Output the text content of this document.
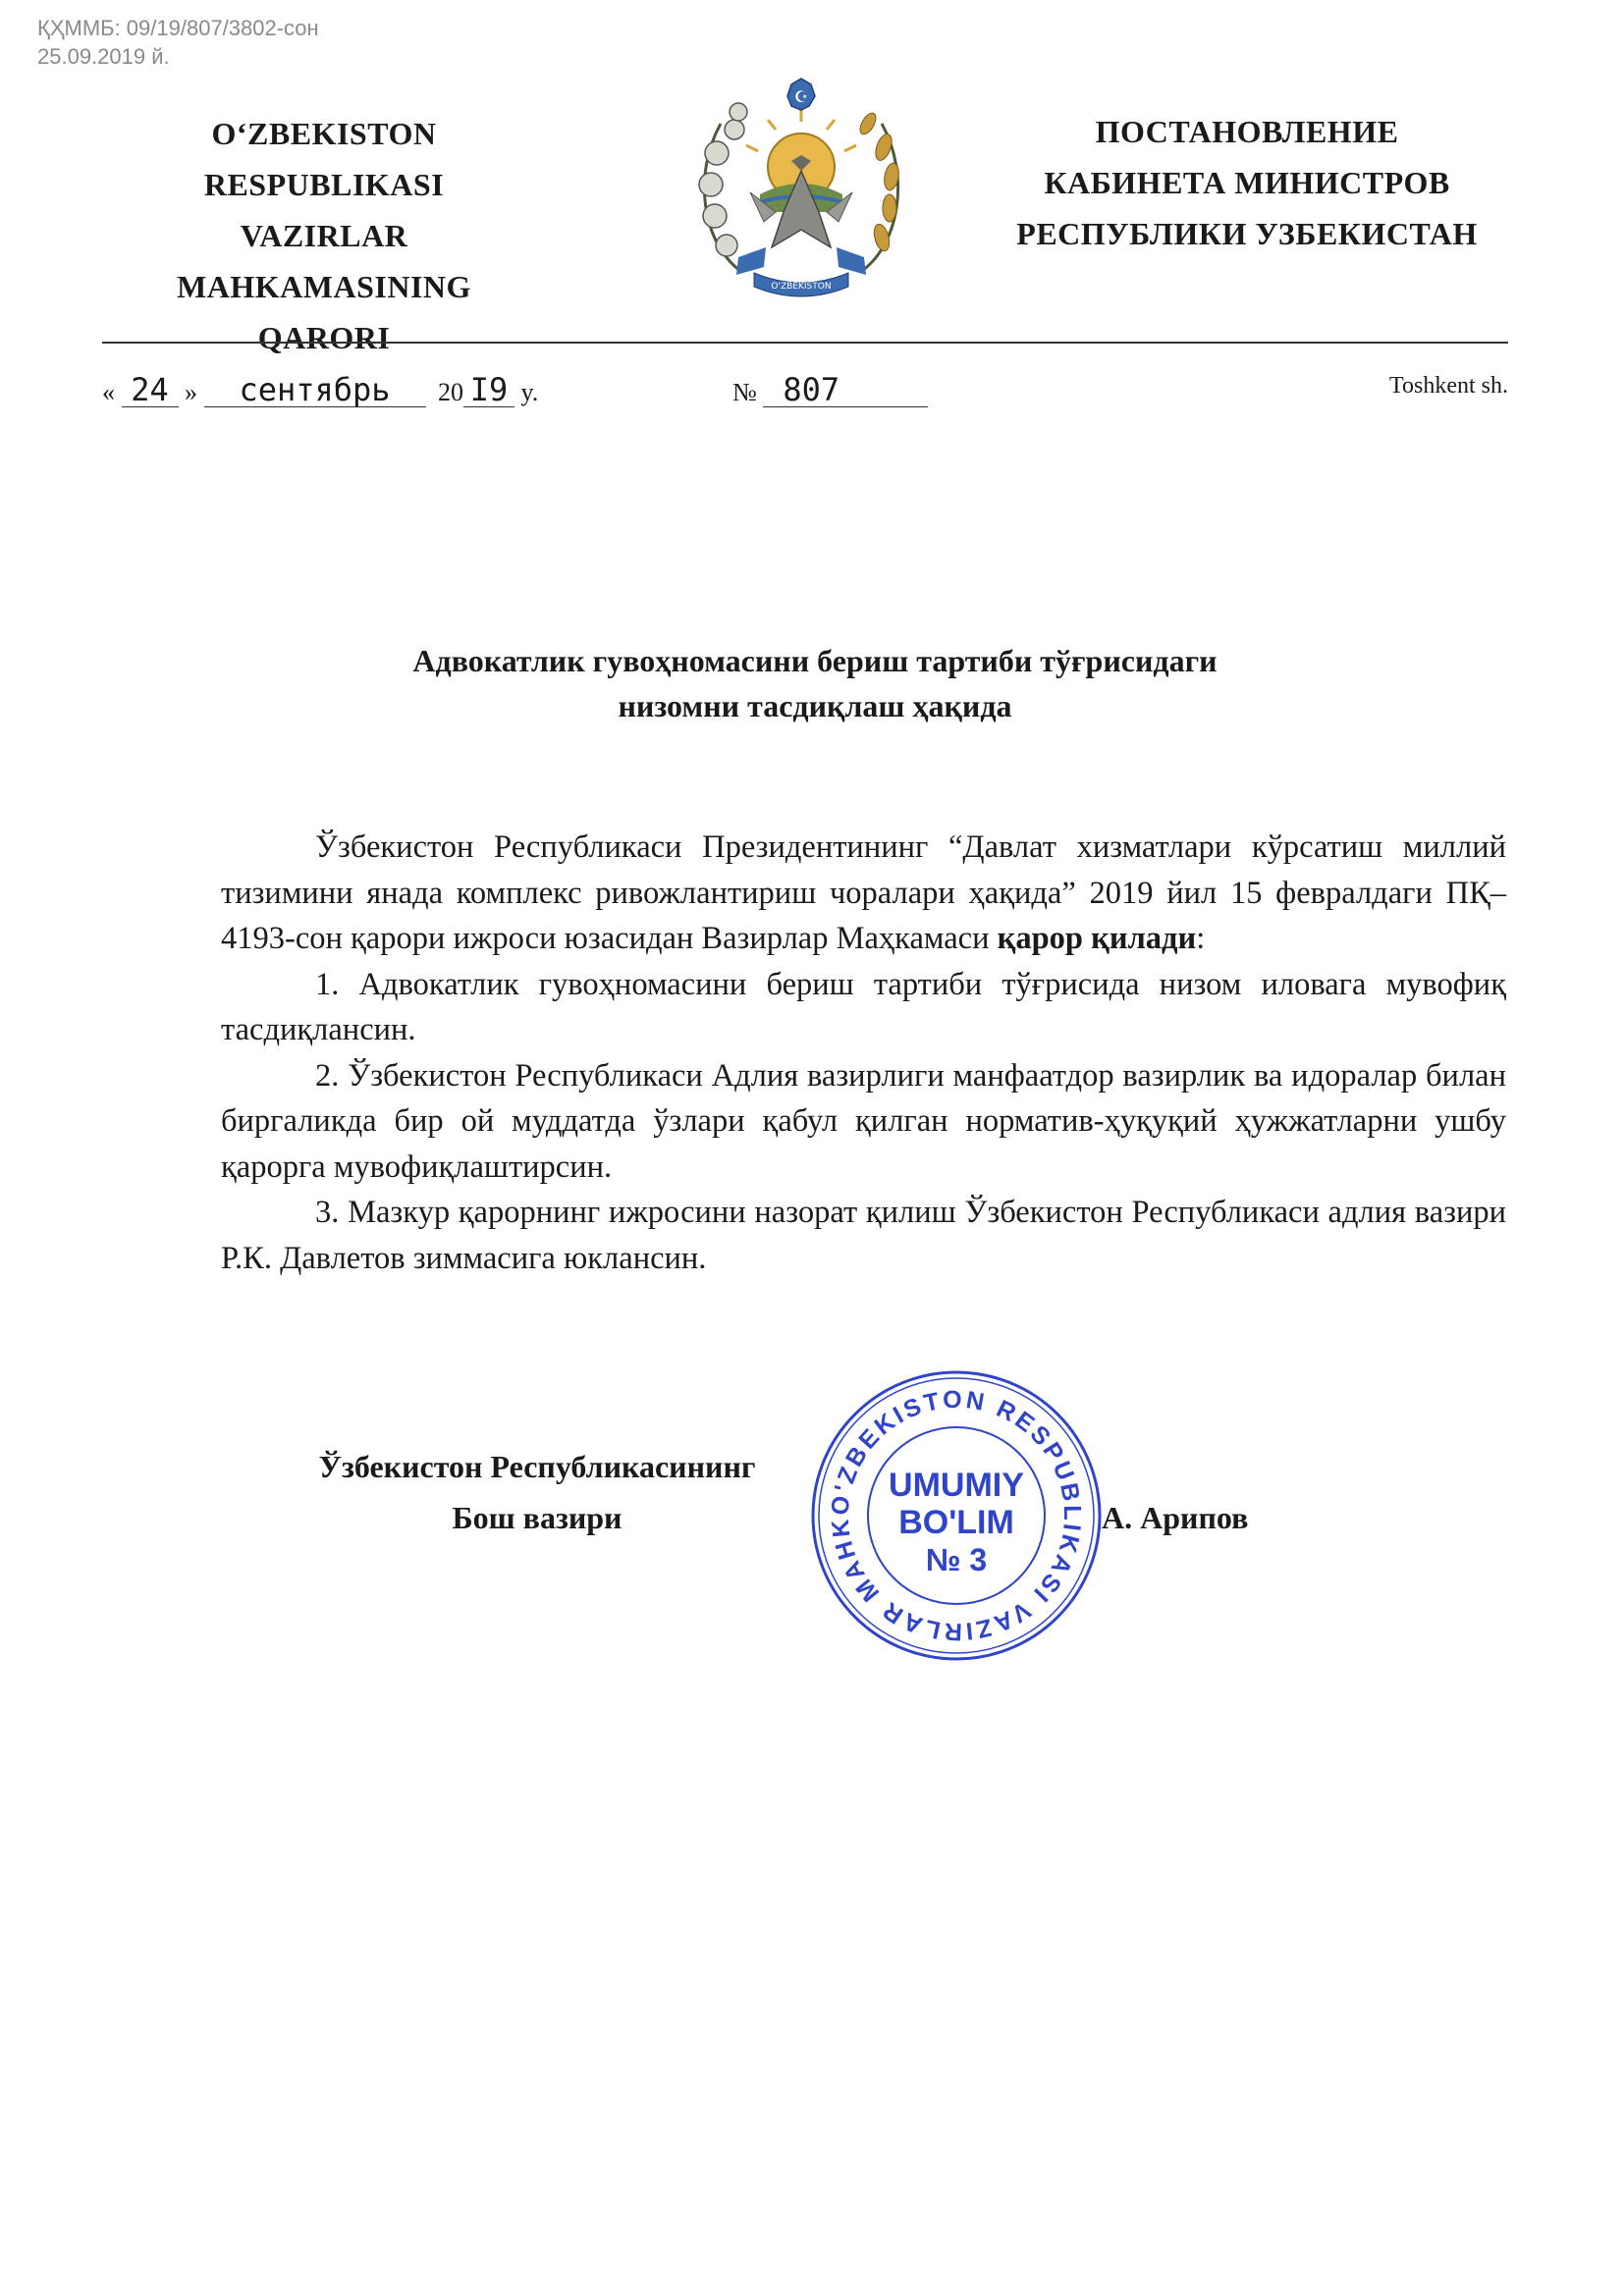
ҚҲММБ: 09/19/807/3802-сон
25.09.2019 й.
O‘ZBEKISTON RESPUBLIKASI
VAZIRLAR MAHKAMASINING
QARORI
☪
O'ZBEKISTON
ПОСТАНОВЛЕНИЕ
КАБИНЕТА МИНИСТРОВ
РЕСПУБЛИКИ УЗБЕКИСТАН
« 24 » сентябрь 20 I9 y.	№ 807	Toshkent sh.
Адвокатлик гувоҳномасини бериш тартиби тўғрисидаги
низомни тасдиқлаш ҳақида

Ўзбекистон Республикаси Президентининг “Давлат хизматлари кўрсатиш миллий тизимини янада комплекс ривожлантириш чоралари ҳақида” 2019 йил 15 февралдаги ПҚ–4193-сон қарори ижроси юзасидан Вазирлар Маҳкамаси қарор қилади:

1. Адвокатлик гувоҳномасини бериш тартиби тўғрисида низом иловага мувофиқ тасдиқлансин.

2. Ўзбекистон Республикаси Адлия вазирлиги манфаатдор вазирлик ва идоралар билан биргаликда бир ой муддатда ўзлари қабул қилган норматив-ҳуқуқий ҳужжатларни ушбу қарорга мувофиқлаштирсин.

3. Мазкур қарорнинг ижросини назорат қилиш Ўзбекистон Республикаси адлия вазири Р.К. Давлетов зиммасига юклансин.

Ўзбекистон Республикасининг
Бош вазири	А. Арипов
O'ZBEKISTON RESPUBLIKASI VAZIRLAR MAHK
UMUMIY
BO'LIM
№ 3
